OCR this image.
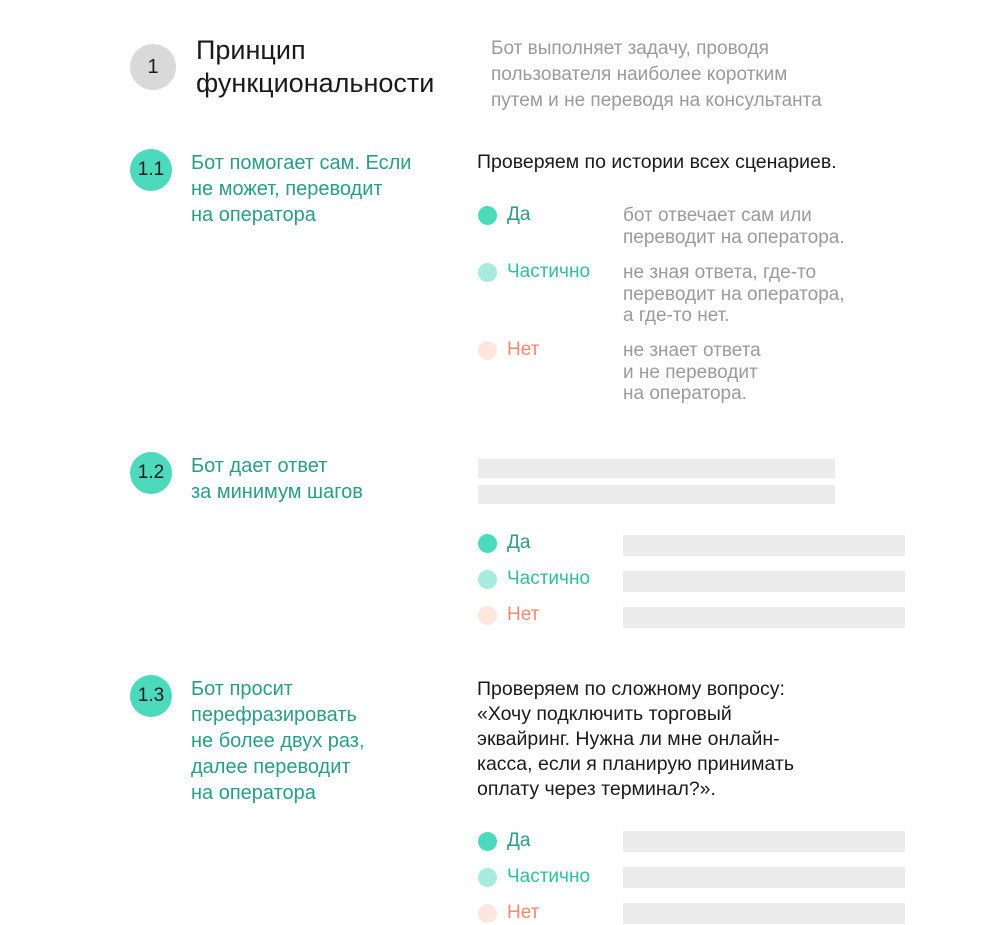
1
Принцип
функциональности
Бот выполняет задачу, проводя
пользователя наиболее коротким
путем и не переводя на консультанта
1.1 Бот помогает сам. Если
не может, переводит
на оператора
Проверяем по истории всех сценариев.
Да	бот отвечает сам или
переводит на оператора.
Частично не зная ответа, где-то
переводит на оператора,
а где-то нет.
Нет	не знает ответа
и не переводит
на оператора.
1.2 Бот дает ответ
за минимум шагов
Да
Частично
Нет
1.3 Бот просит
перефразировать
не более двух раз,
далее переводит
на оператора
Проверяем по сложному вопросу:
«Хочу подключить торговый
эквайринг. Нужна ли мне онлайн-
касса, если я планирую принимать
оплату через терминал?».
Да
Частично
Нет
